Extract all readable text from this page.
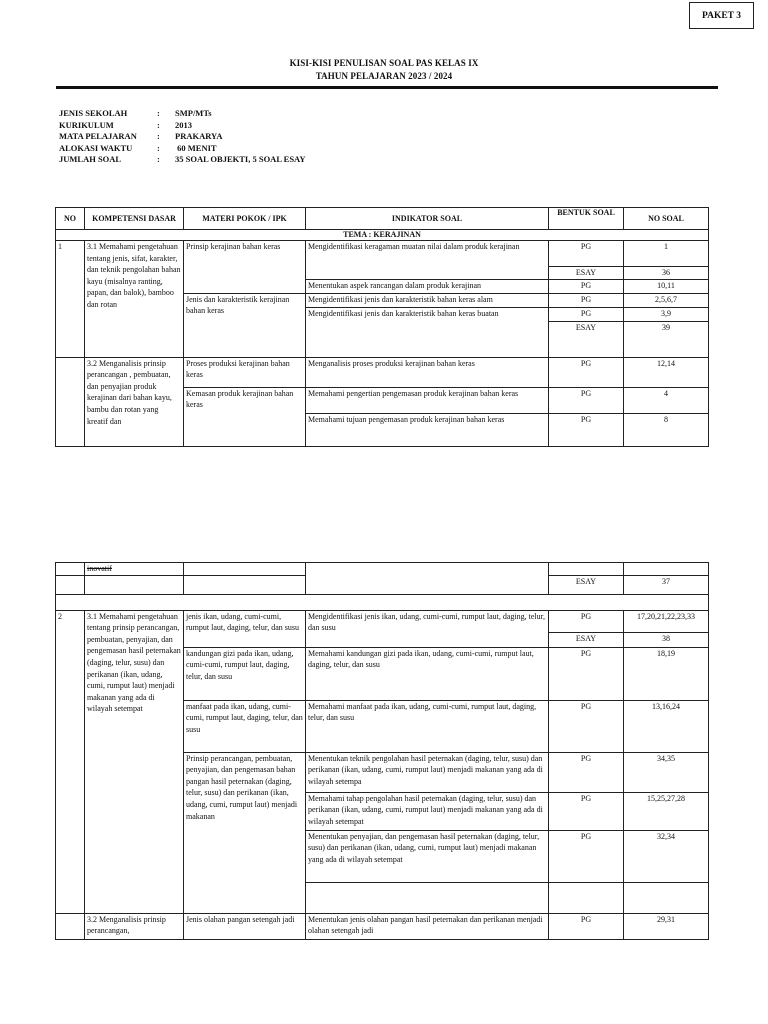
PAKET 3
KISI-KISI PENULISAN SOAL PAS KELAS IX
TAHUN PELAJARAN 2023 / 2024
JENIS SEKOLAH	:	SMP/MTs
KURIKULUM	:	2013
MATA PELAJARAN	:	PRAKARYA
ALOKASI WAKTU	:	60 MENIT
JUMLAH SOAL	:	35 SOAL OBJEKTI, 5 SOAL ESAY
NO	KOMPETENSI DASAR	MATERI POKOK / IPK	INDIKATOR SOAL	BENTUK SOAL	NO SOAL
TEMA : KERAJINAN					
1	3.1 Memahami pengetahuan tentang jenis, sifat, karakter, dan teknik pengolahan bahan kayu (misalnya ranting, papan, dan balok), bamboo dan rotan	Prinsip kerajinan bahan keras	Mengidentifikasi keragaman muatan nilai dalam produk kerajinan	PG	1
				ESAY	36
			Menentukan aspek rancangan dalam produk kerajinan	PG	10,11
		Jenis dan karakteristik kerajinan bahan keras	Mengidentifikasi jenis dan karakteristik bahan keras alam	PG	2,5,6,7
			Mengidentifikasi jenis dan karakteristik bahan keras buatan	PG	3,9
				ESAY	39
	3.2 Menganalisis prinsip perancangan , pembuatan, dan penyajian produk kerajinan dari bahan kayu, bambu dan rotan yang kreatif dan	Proses produksi kerajinan bahan keras	Menganalisis proses produksi kerajinan bahan keras	PG	12,14
		Kemasan produk kerajinan bahan keras	Memahami pengertian pengemasan produk kerajinan bahan keras	PG	4
			Memahami tujuan pengemasan produk kerajinan bahan keras	PG	8
	inovatif				
				ESAY	37

2	3.1 Memahami pengetahuan tentang prinsip perancangan, pembuatan, penyajian, dan pengemasan hasil peternakan (daging, telur, susu) dan perikanan (ikan, udang, cumi, rumput laut) menjadi makanan yang ada di wilayah setempat	jenis ikan, udang, cumi-cumi, rumput laut, daging, telur, dan susu	Mengidentifikasi jenis ikan, udang, cumi-cumi, rumput laut, daging, telur, dan susu	PG	17,20,21,22,23,33
				ESAY	38
		kandungan gizi pada ikan, udang, cumi-cumi, rumput laut, daging, telur, dan susu	Memahami kandungan gizi pada ikan, udang, cumi-cumi, rumput laut, daging, telur, dan susu	PG	18,19
		manfaat pada ikan, udang, cumi-cumi, rumput laut, daging, telur, dan susu	Memahami manfaat pada ikan, udang, cumi-cumi, rumput laut, daging, telur, dan susu	PG	13,16,24
		Prinsip perancangan, pembuatan, penyajian, dan pengemasan bahan pangan hasil peternakan (daging, telur, susu) dan perikanan (ikan, udang, cumi, rumput laut) menjadi makanan	Menentukan teknik pengolahan hasil peternakan (daging, telur, susu) dan perikanan (ikan, udang, cumi, rumput laut) menjadi makanan yang ada di wilayah setempa	PG	34,35
			Memahami tahap pengolahan hasil peternakan (daging, telur, susu) dan perikanan (ikan, udang, cumi, rumput laut) menjadi makanan yang ada di wilayah setempat	PG	15,25,27,28
			Menentukan penyajian, dan pengemasan hasil peternakan (daging, telur, susu) dan perikanan (ikan, udang, cumi, rumput laut) menjadi makanan yang ada di wilayah setempat	PG	32,34

	3.2 Menganalisis prinsip perancangan,	Jenis olahan pangan setengah jadi	Menentukan jenis olahan pangan hasil peternakan dan perikanan menjadi olahan setengah jadi	PG	29,31
